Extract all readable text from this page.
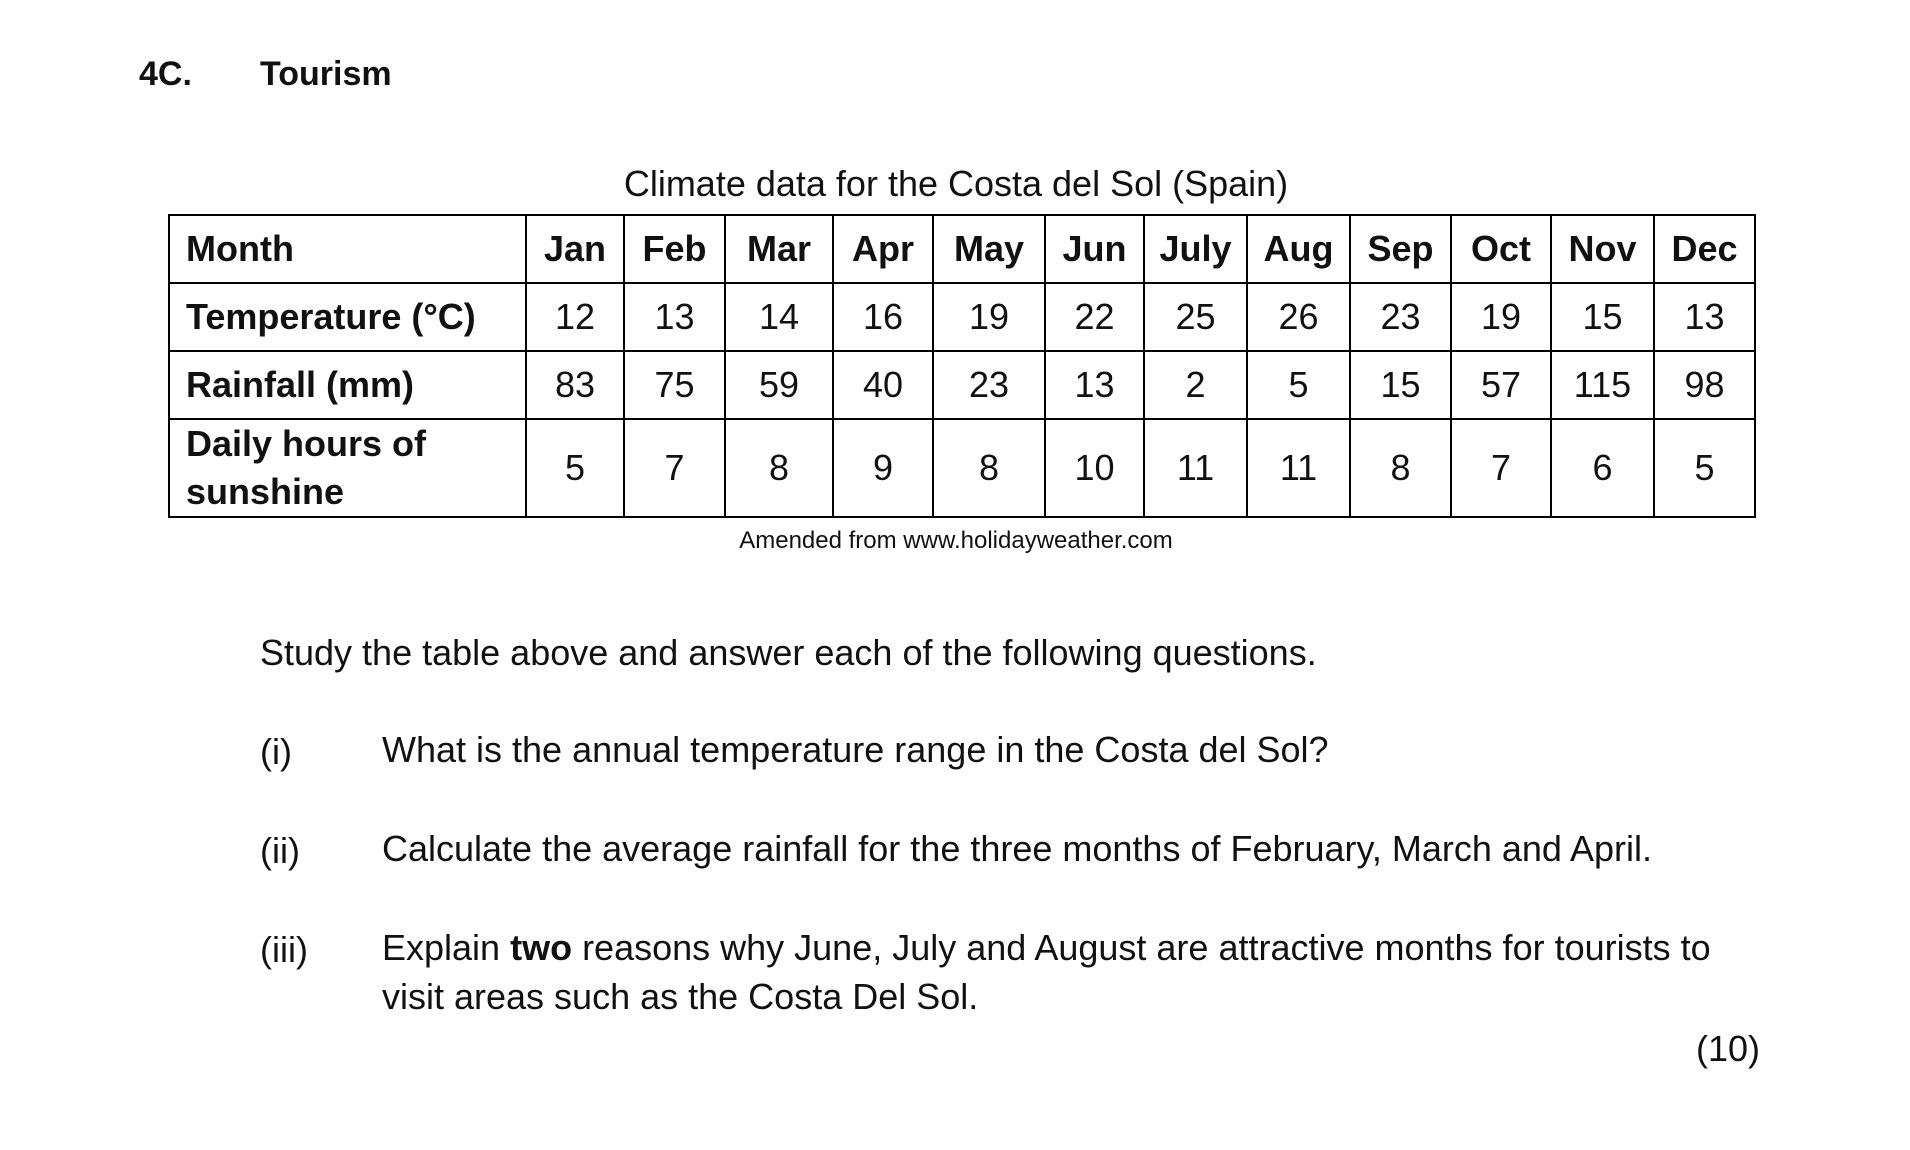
4C. Tourism
Climate data for the Costa del Sol (Spain)
Month	Jan	Feb	Mar	Apr	May	Jun	July	Aug	Sep	Oct	Nov	Dec
Temperature (°C)	12	13	14	16	19	22	25	26	23	19	15	13
Rainfall (mm)	83	75	59	40	23	13	2	5	15	57	115	98
Daily hours of sunshine	5	7	8	9	8	10	11	11	8	7	6	5
Amended from www.holidayweather.com
Study the table above and answer each of the following questions.
(i)	What is the annual temperature range in the Costa del Sol?
(ii) Calculate the average rainfall for the three months of February, March and April.
(iii) Explain two reasons why June, July and August are attractive months for tourists to visit areas such as the Costa Del Sol.
(10)
